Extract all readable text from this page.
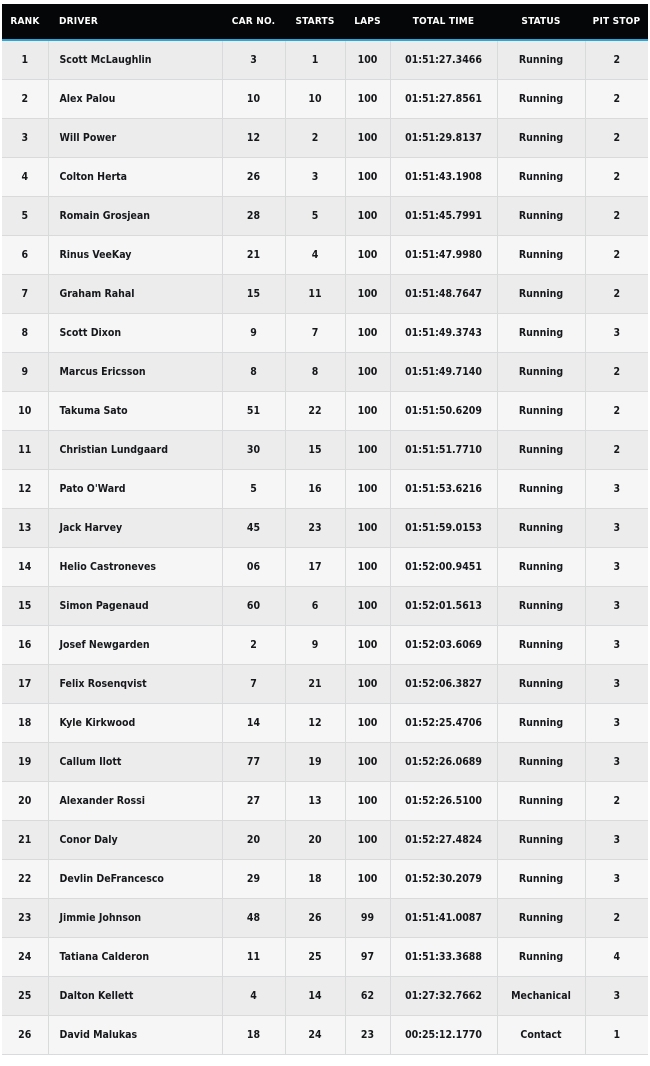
RANK	DRIVER	CAR NO.	STARTS	LAPS	TOTAL TIME	STATUS	PIT STOP
1	Scott McLaughlin	3	1	100	01:51:27.3466	Running	2
2	Alex Palou	10	10	100	01:51:27.8561	Running	2
3	Will Power	12	2	100	01:51:29.8137	Running	2
4	Colton Herta	26	3	100	01:51:43.1908	Running	2
5	Romain Grosjean	28	5	100	01:51:45.7991	Running	2
6	Rinus VeeKay	21	4	100	01:51:47.9980	Running	2
7	Graham Rahal	15	11	100	01:51:48.7647	Running	2
8	Scott Dixon	9	7	100	01:51:49.3743	Running	3
9	Marcus Ericsson	8	8	100	01:51:49.7140	Running	2
10	Takuma Sato	51	22	100	01:51:50.6209	Running	2
11	Christian Lundgaard	30	15	100	01:51:51.7710	Running	2
12	Pato O'Ward	5	16	100	01:51:53.6216	Running	3
13	Jack Harvey	45	23	100	01:51:59.0153	Running	3
14	Helio Castroneves	06	17	100	01:52:00.9451	Running	3
15	Simon Pagenaud	60	6	100	01:52:01.5613	Running	3
16	Josef Newgarden	2	9	100	01:52:03.6069	Running	3
17	Felix Rosenqvist	7	21	100	01:52:06.3827	Running	3
18	Kyle Kirkwood	14	12	100	01:52:25.4706	Running	3
19	Callum Ilott	77	19	100	01:52:26.0689	Running	3
20	Alexander Rossi	27	13	100	01:52:26.5100	Running	2
21	Conor Daly	20	20	100	01:52:27.4824	Running	3
22	Devlin DeFrancesco	29	18	100	01:52:30.2079	Running	3
23	Jimmie Johnson	48	26	99	01:51:41.0087	Running	2
24	Tatiana Calderon	11	25	97	01:51:33.3688	Running	4
25	Dalton Kellett	4	14	62	01:27:32.7662	Mechanical	3
26	David Malukas	18	24	23	00:25:12.1770	Contact	1
